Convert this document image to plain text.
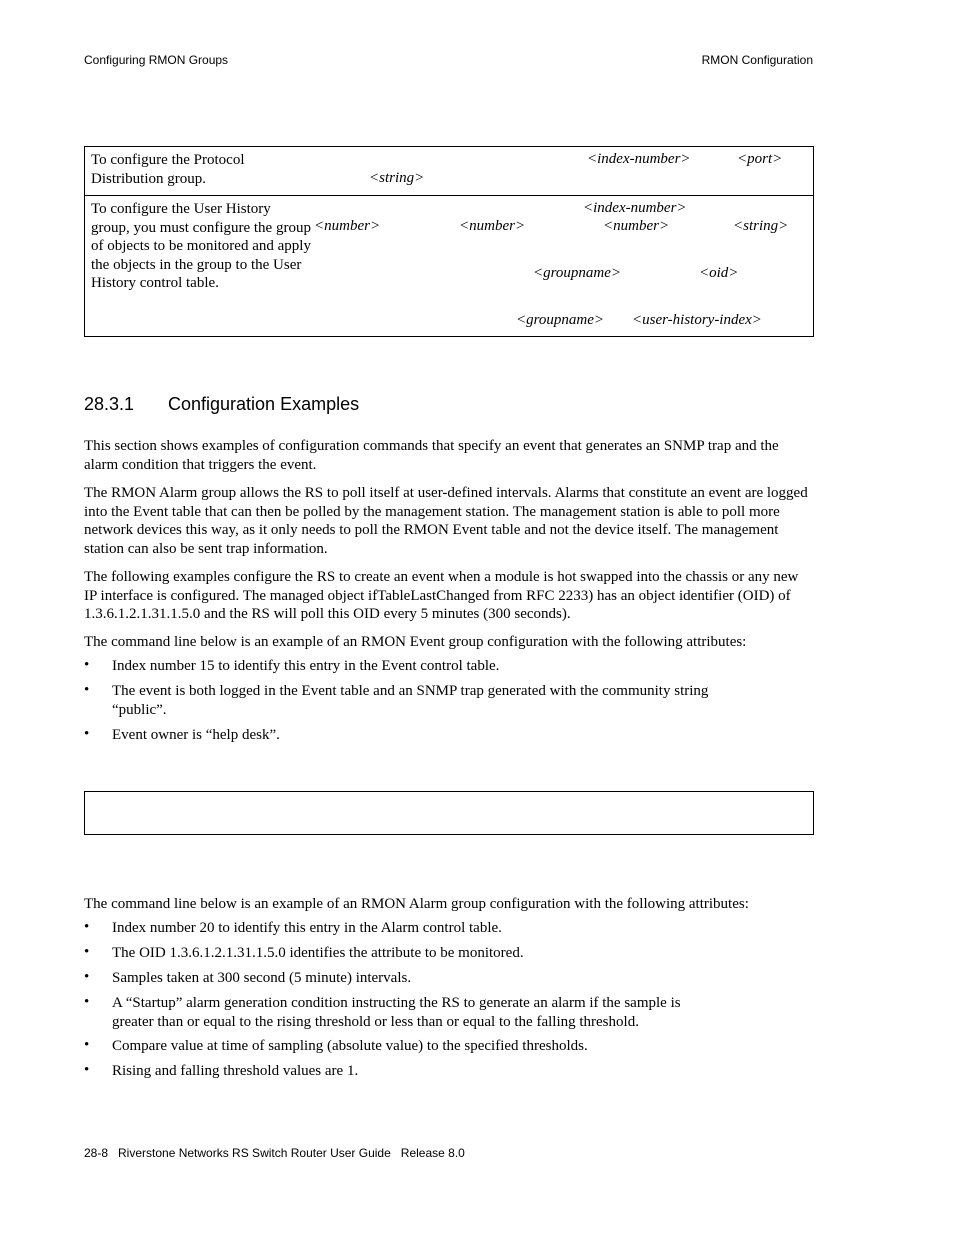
Configuring RMON Groups	RMON Configuration
To configure the Protocol Distribution group.
<index-number>	<port>
<string>
To configure the User History group, you must configure the group of objects to be monitored and apply the objects in the group to the User History control table.
<index-number>
<number>	<number>	<number>	<string>
<groupname>	<oid>
<groupname> <user-history-index>
28.3.1 Configuration Examples
This section shows examples of configuration commands that specify an event that generates an SNMP trap and the alarm condition that triggers the event.
The RMON Alarm group allows the RS to poll itself at user-defined intervals. Alarms that constitute an event are logged into the Event table that can then be polled by the management station. The management station is able to poll more network devices this way, as it only needs to poll the RMON Event table and not the device itself. The management station can also be sent trap information.
The following examples configure the RS to create an event when a module is hot swapped into the chassis or any new IP interface is configured. The managed object ifTableLastChanged from RFC 2233) has an object identifier (OID) of 1.3.6.1.2.1.31.1.5.0 and the RS will poll this OID every 5 minutes (300 seconds).
The command line below is an example of an RMON Event group configuration with the following attributes:
• Index number 15 to identify this entry in the Event control table.
• The event is both logged in the Event table and an SNMP trap generated with the community string “public”.
• Event owner is “help desk”.
The command line below is an example of an RMON Alarm group configuration with the following attributes:
• Index number 20 to identify this entry in the Alarm control table.
• The OID 1.3.6.1.2.1.31.1.5.0 identifies the attribute to be monitored.
• Samples taken at 300 second (5 minute) intervals.
• A “Startup” alarm generation condition instructing the RS to generate an alarm if the sample is greater than or equal to the rising threshold or less than or equal to the falling threshold.
• Compare value at time of sampling (absolute value) to the specified thresholds.
• Rising and falling threshold values are 1.
28-8   Riverstone Networks RS Switch Router User Guide   Release 8.0
